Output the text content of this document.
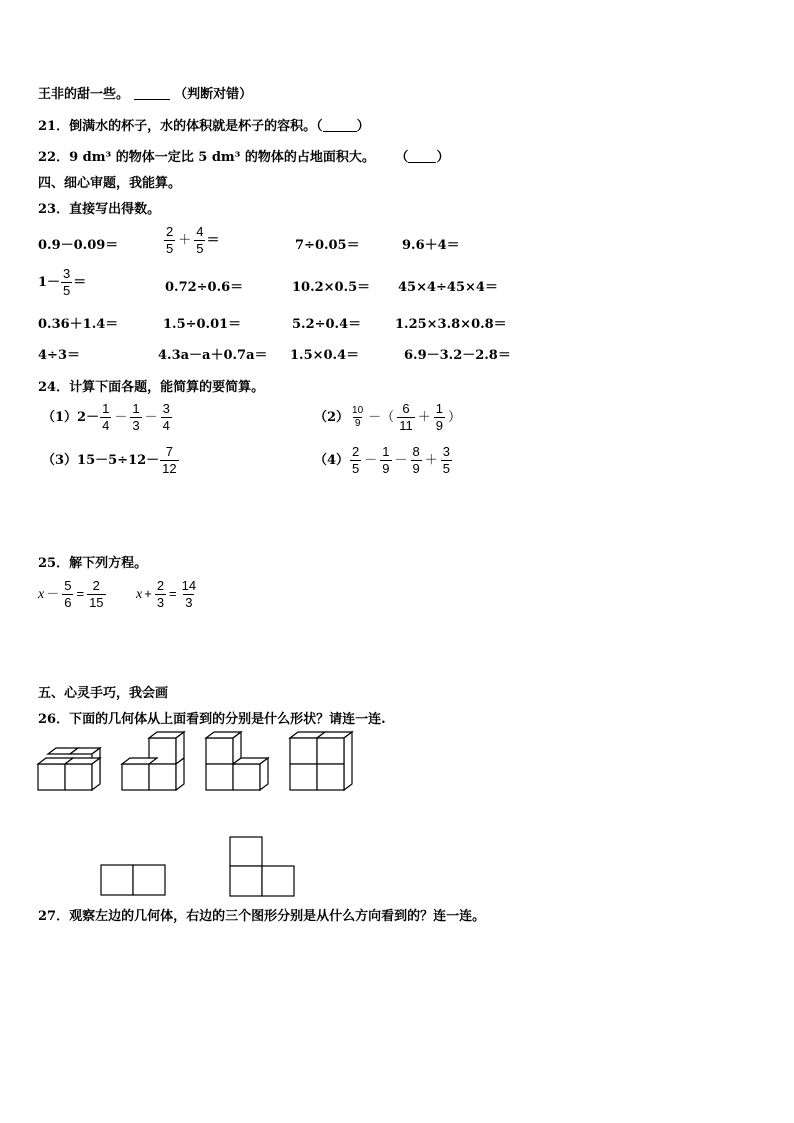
王非的甜一些。	（判断对错）
21．倒满水的杯子，水的体积就是杯子的容积。（	）
22．9 dm³ 的物体一定比 5 dm³ 的物体的占地面积大。 （ ）
四、细心审题，我能算。
23．直接写出得数。
0.9－0.09＝	$\frac{2}{5} + \frac{4}{5}$ ＝	7÷0.05＝	9.6＋4＝
$1- \frac{3}{5}$ ＝	0.72÷0.6＝	10.2×0.5＝ 45×4÷45×4＝
0.36＋1.4＝	1.5÷0.01＝	5.2÷0.4＝	1.25×3.8×0.8＝
4÷3＝	4.3a－a＋0.7a＝ 1.5×0.4＝	6.9－3.2－2.8＝
24．计算下面各题，能简算的要简算。
$(1)2- \frac{1}{4} - \frac{1}{3} - \frac{3}{4}$	$(2) \frac{10}{9}$ －（ $\frac{6}{11} + \frac{1}{9}$ ）
$(3)15-5\div 12- \frac{7}{12}$	$(4) \frac{2}{5} - \frac{1}{9} - \frac{8}{9} + \frac{3}{5}$
25．解下列方程。
$x - \frac{5}{6} = \frac{2}{15}$ $x + \frac{2}{3} = \frac{14}{3}$
五、心灵手巧，我会画
26．下面的几何体从上面看到的分别是什么形状？请连一连.
27．观察左边的几何体，右边的三个图形分别是从什么方向看到的？连一连。
